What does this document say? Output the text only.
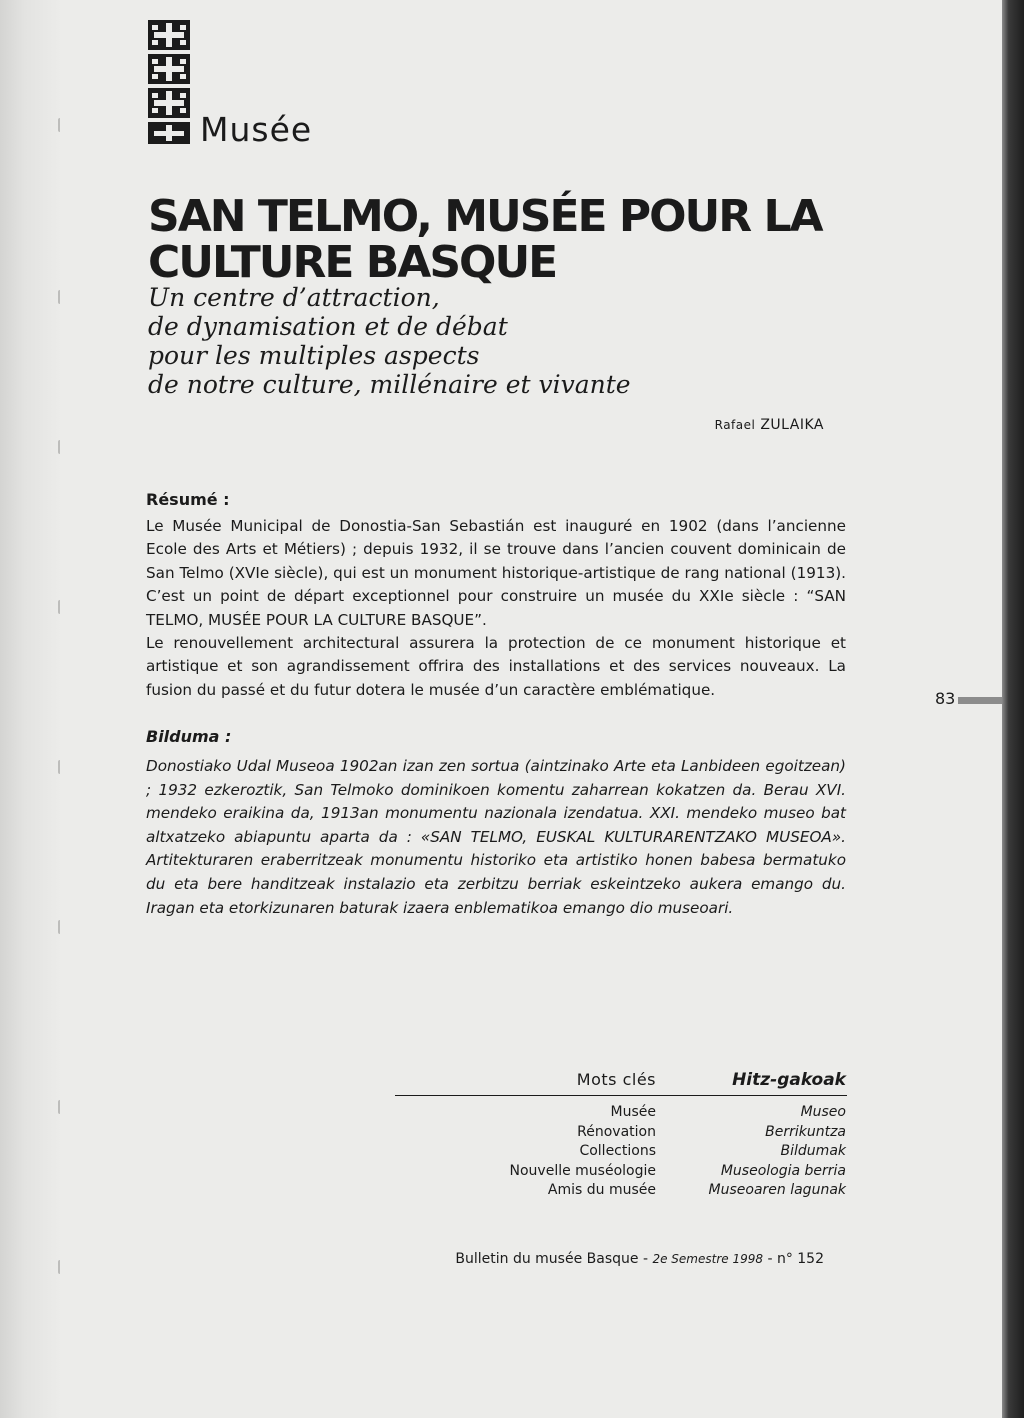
Musée
SAN TELMO, MUSÉE POUR LA
CULTURE BASQUE
Un centre d’attraction,
de dynamisation et de débat
pour les multiples aspects
de notre culture, millénaire et vivante
Rafael ZULAIKA
Résumé :

Le Musée Municipal de Donostia-San Sebastián est inauguré en 1902 (dans l’ancienne Ecole des Arts et Métiers) ; depuis 1932, il se trouve dans l’ancien couvent dominicain de San Telmo (XVIe siècle), qui est un monument historique-artistique de rang national (1913). C’est un point de départ exceptionnel pour construire un musée du XXIe siècle : “SAN TELMO, MUSÉE POUR LA CULTURE BASQUE”.

Le renouvellement architectural assurera la protection de ce monument historique et artistique et son agrandissement offrira des installations et des services nouveaux. La fusion du passé et du futur dotera le musée d’un caractère emblématique.

Bilduma :
Donostiako Udal Museoa 1902an izan zen sortua (aintzinako Arte eta Lanbideen egoitzean) ; 1932 ezkeroztik, San Telmoko dominikoen komentu zaharrean kokatzen da. Berau XVI. mendeko eraikina da, 1913an monumentu nazionala izendatua. XXI. mendeko museo bat altxatzeko abiapuntu aparta da : «SAN TELMO, EUSKAL KULTURARENTZAKO MUSEOA». Artitekturaren eraberritzeak monumentu historiko eta artistiko honen babesa bermatuko du eta bere handitzeak instalazio eta zerbitzu berriak eskeintzeko aukera emango du. Iragan eta etorkizunaren baturak izaera enblematikoa emango dio museoari.
83
Mots clés
Musée
Rénovation
Collections
Nouvelle muséologie
Amis du musée
Hitz-gakoak
Museo
Berrikuntza
Bildumak
Museologia berria
Museoaren lagunak
Bulletin du musée Basque - 2e Semestre 1998 - n° 152
